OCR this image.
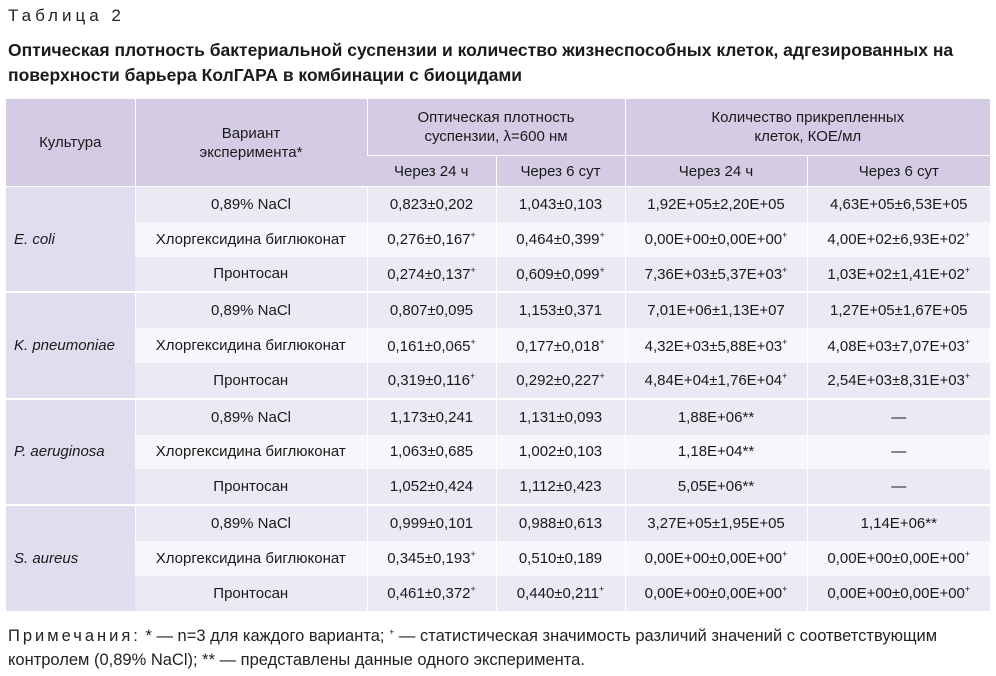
Таблица 2
Оптическая плотность бактериальной суспензии и количество жизнеспособных клеток, адгезированных на поверхности барьера КолГАРА в комбинации с биоцидами
Культура	Вариант эксперимента*	Оптическая плотность суспензии, λ=600 нм		Количество прикрепленных клеток, КОЕ/мл	
		Через 24 ч	Через 6 сут	Через 24 ч	Через 6 сут
E. coli	0,89% NaCl	0,823±0,202	1,043±0,103	1,92E+05±2,20E+05	4,63E+05±6,53E+05
	Хлоргексидина биглюконат	0,276±0,167+	0,464±0,399+	0,00E+00±0,00E+00+	4,00E+02±6,93E+02+
	Пронтосан	0,274±0,137+	0,609±0,099+	7,36E+03±5,37E+03+	1,03E+02±1,41E+02+
K. pneumoniae	0,89% NaCl	0,807±0,095	1,153±0,371	7,01E+06±1,13E+07	1,27E+05±1,67E+05
	Хлоргексидина биглюконат	0,161±0,065+	0,177±0,018+	4,32E+03±5,88E+03+	4,08E+03±7,07E+03+
	Пронтосан	0,319±0,116+	0,292±0,227+	4,84E+04±1,76E+04+	2,54E+03±8,31E+03+
P. aeruginosa	0,89% NaCl	1,173±0,241	1,131±0,093	1,88E+06**	—
	Хлоргексидина биглюконат	1,063±0,685	1,002±0,103	1,18E+04**	—
	Пронтосан	1,052±0,424	1,112±0,423	5,05E+06**	—
S. aureus	0,89% NaCl	0,999±0,101	0,988±0,613	3,27E+05±1,95E+05	1,14E+06**
	Хлоргексидина биглюконат	0,345±0,193+	0,510±0,189	0,00E+00±0,00E+00+	0,00E+00±0,00E+00+
	Пронтосан	0,461±0,372+	0,440±0,211+	0,00E+00±0,00E+00+	0,00E+00±0,00E+00+
Примечания: * — n=3 для каждого варианта; + — статистическая значимость различий значений с соответствующим контролем (0,89% NaCl); ** — представлены данные одного эксперимента.
